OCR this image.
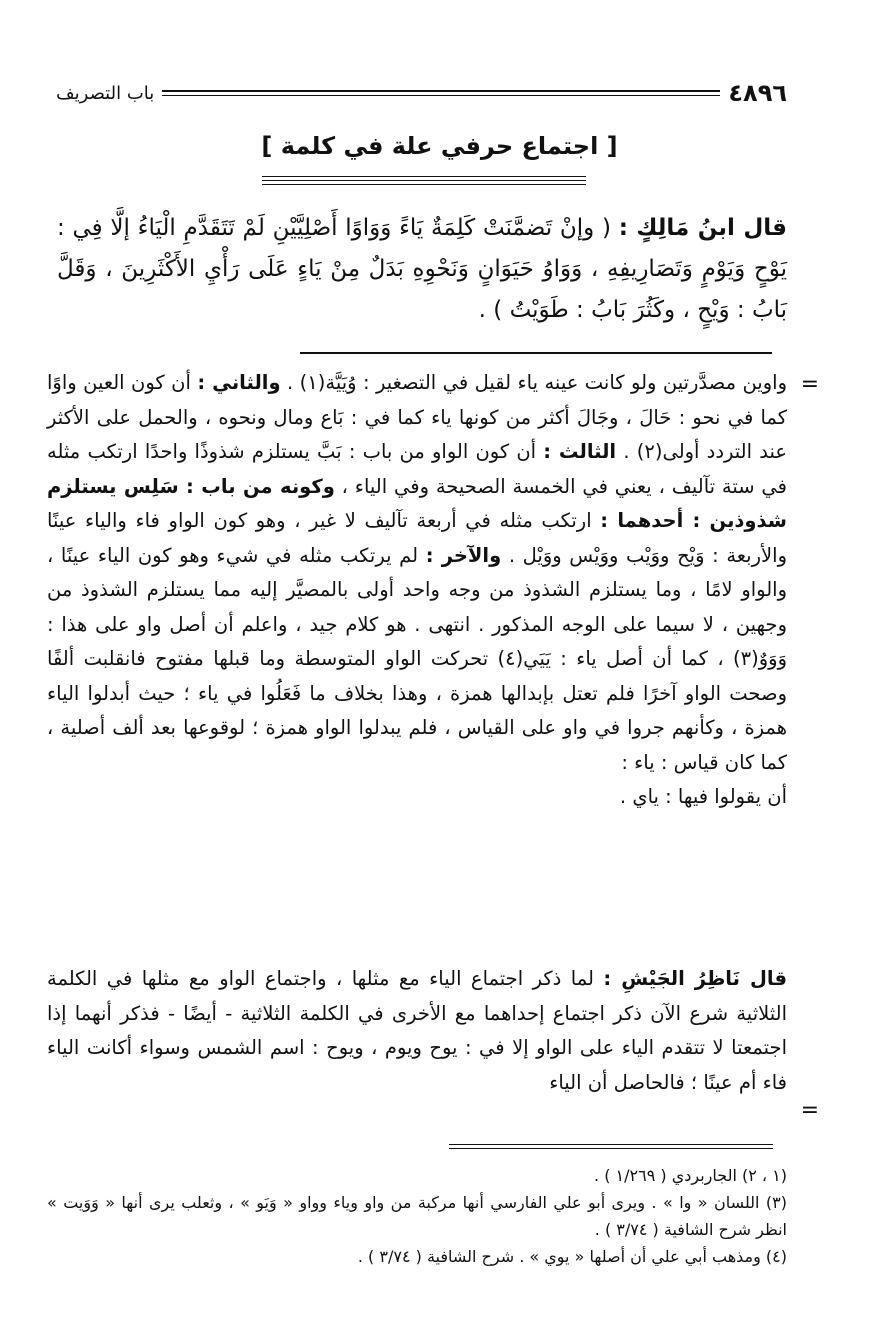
باب التصريف	٤٨٩٦
[ اجتماع حرفي علة في كلمة ]
قال ابنُ مَالِكٍ : ( وإنْ تَضمَّنَتْ كَلِمَةٌ يَاءً وَوَاوًا أَصْلِيَّيْنِ لَمْ تَتَقَدَّمِ الْيَاءُ إلَّا فِي : يَوْحٍ وَيَوْمٍ وَتَصَارِيفِهِ ، وَوَاوُ حَيَوَانٍ وَنَحْوِهِ بَدَلٌ مِنْ يَاءٍ عَلَى رَأْيِ الأَكْثَرِينَ ، وَقَلَّ بَابُ : وَيْحٍ ، وكَثُرَ بَابُ : طَوَيْتُ ) .
=
واوين مصدَّرتين ولو كانت عينه ياء لقيل في التصغير : وُيَيَّة(١) . والثاني : أن كون العين واوًا كما في نحو : حَالَ ، وجَالَ أكثر من كونها ياء كما في : بَاع ومال ونحوه ، والحمل على الأكثر عند التردد أولى(٢) . الثالث : أن كون الواو من باب : بَبَّ يستلزم شذوذًا واحدًا ارتكب مثله في ستة تآليف ، يعني في الخمسة الصحيحة وفي الياء ، وكونه من باب : سَلِس يستلزم شذوذين : أحدهما : ارتكب مثله في أربعة تآليف لا غير ، وهو كون الواو فاء والياء عينًا والأربعة : وَيْح ووَيْب ووَيْس ووَيْل . والآخر : لم يرتكب مثله في شيء وهو كون الياء عينًا ، والواو لامًا ، وما يستلزم الشذوذ من وجه واحد أولى بالمصيَّر إليه مما يستلزم الشذوذ من وجهين ، لا سيما على الوجه المذكور . انتهى . هو كلام جيد ، واعلم أن أصل واو على هذا : وَوَوٌ(٣) ، كما أن أصل ياء : يَيَي(٤) تحركت الواو المتوسطة وما قبلها مفتوح فانقلبت ألفًا وصحت الواو آخرًا فلم تعتل بإبدالها همزة ، وهذا بخلاف ما فَعَلُوا في ياء ؛ حيث أبدلوا الياء همزة ، وكأنهم جروا في واو على القياس ، فلم يبدلوا الواو همزة ؛ لوقوعها بعد ألف أصلية ، كما كان قياس : ياء :
أن يقولوا فيها : ياي .
قال نَاظِرُ الجَيْشِ : لما ذكر اجتماع الياء مع مثلها ، واجتماع الواو مع مثلها في الكلمة الثلاثية شرع الآن ذكر اجتماع إحداهما مع الأخرى في الكلمة الثلاثية - أيضًا - فذكر أنهما إذا اجتمعتا لا تتقدم الياء على الواو إلا في : يوح ويوم ، ويوح : اسم الشمس وسواء أكانت الياء فاء أم عينًا ؛ فالحاصل أن الياء
=

(١ ، ٢) الجاربردي ( ١/٢٦٩ ) .

(٣) اللسان « وا » . ويرى أبو علي الفارسي أنها مركبة من واو وياء وواو « وَيَو » ، وثعلب يرى أنها « وَوَيت » انظر شرح الشافية ( ٣/٧٤ ) .

(٤) ومذهب أبي علي أن أصلها « يوي » . شرح الشافية ( ٣/٧٤ ) .
